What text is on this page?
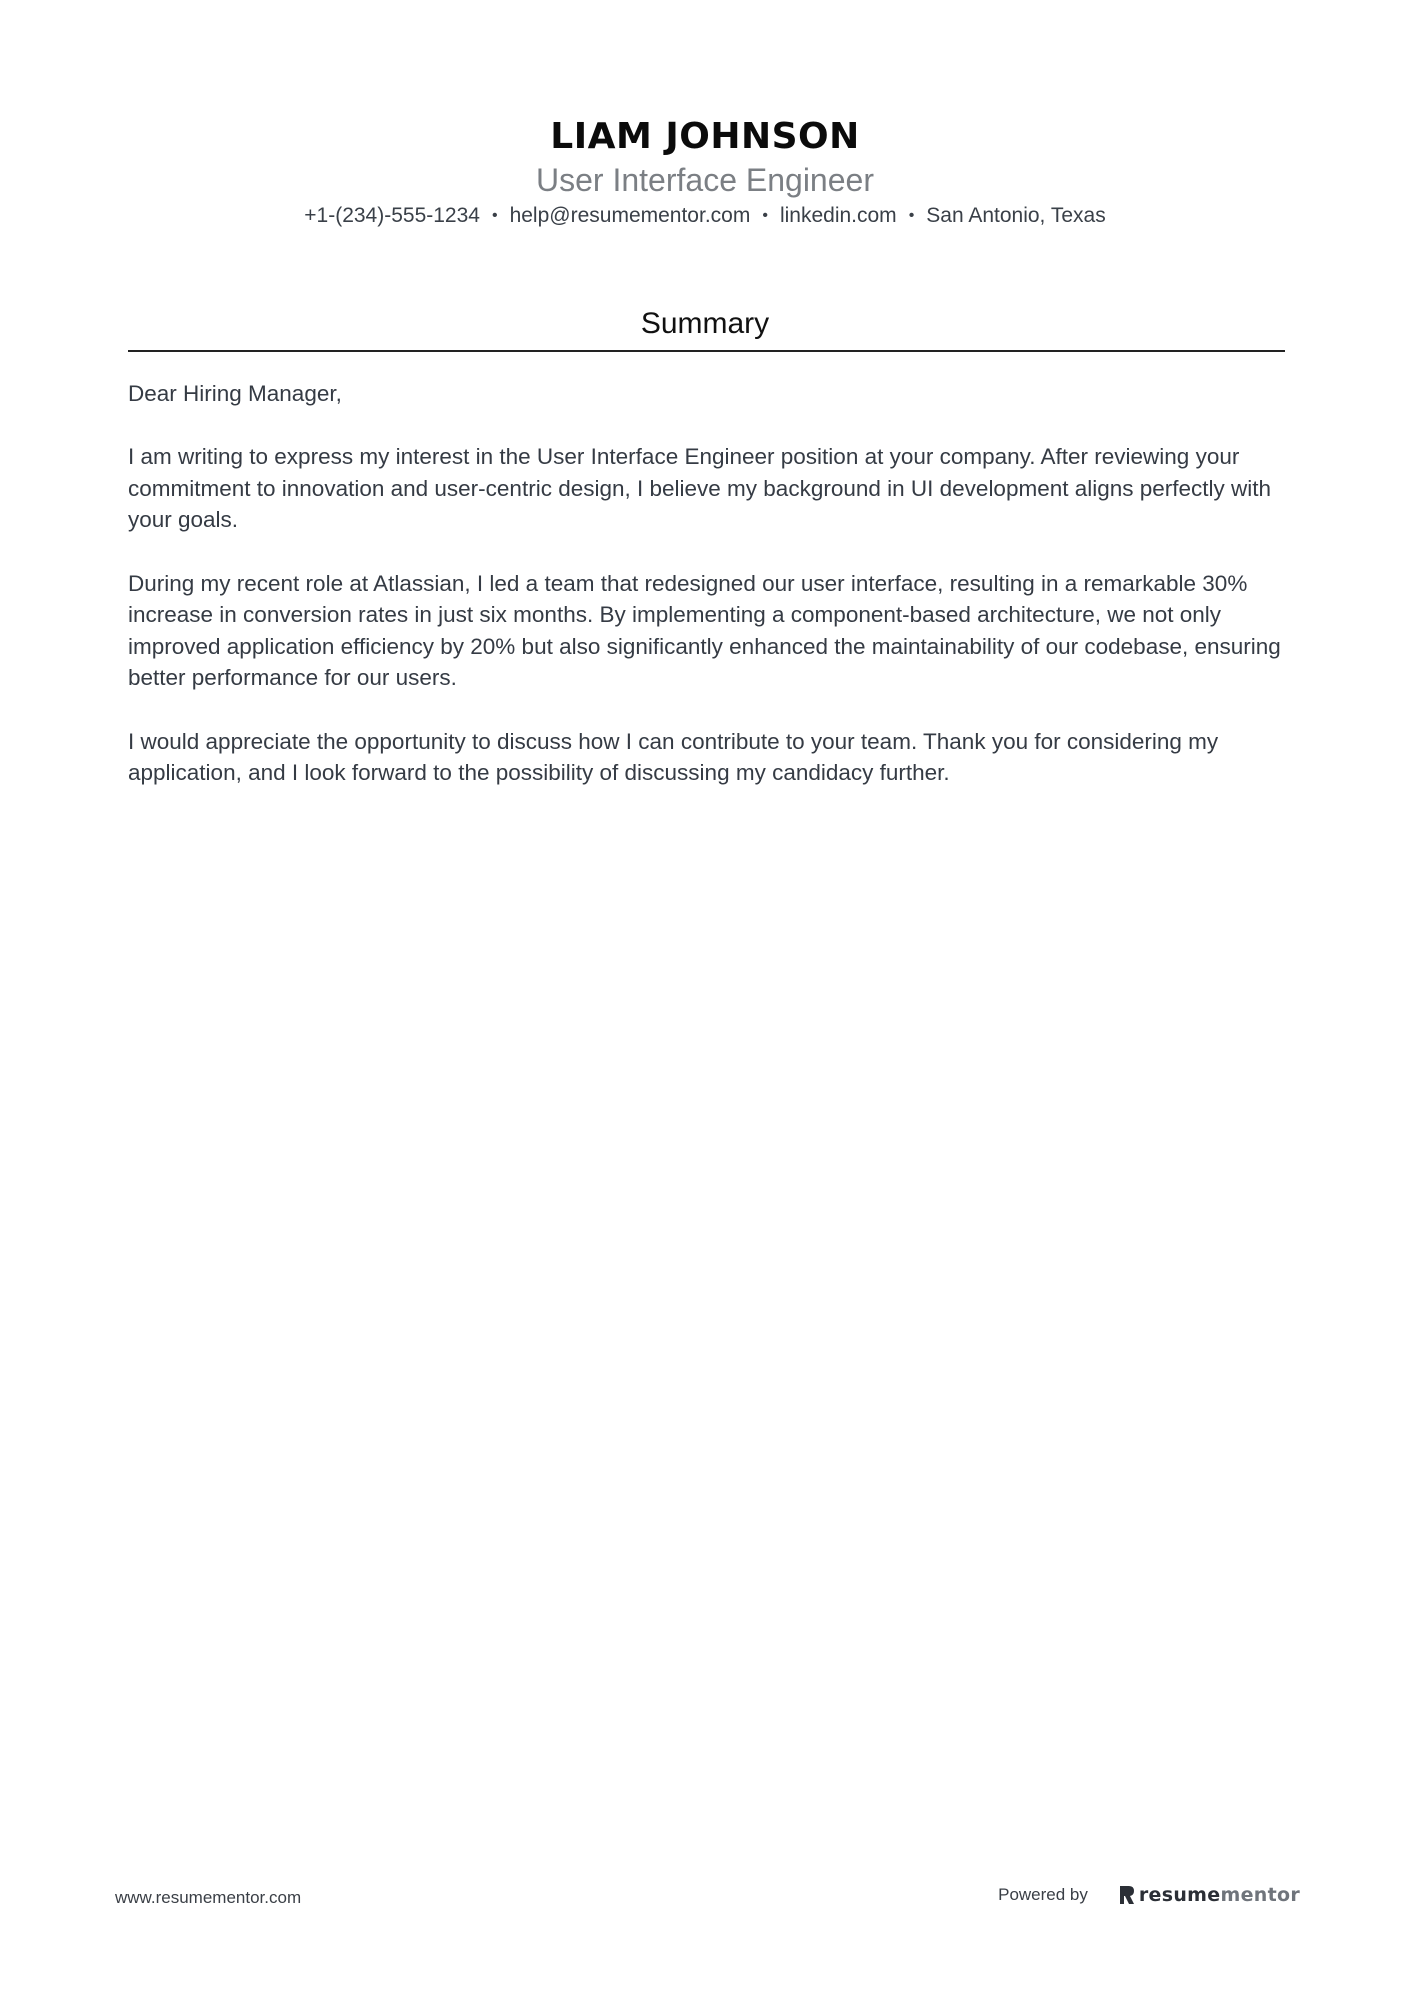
LIAM JOHNSON
User Interface Engineer
+1-(234)-555-1234 • help@resumementor.com • linkedin.com • San Antonio, Texas
Summary

Dear Hiring Manager,

I am writing to express my interest in the User Interface Engineer position at your company. After reviewing your commitment to innovation and user-centric design, I believe my background in UI development aligns perfectly with your goals.

During my recent role at Atlassian, I led a team that redesigned our user interface, resulting in a remarkable 30% increase in conversion rates in just six months. By implementing a component-based architecture, we not only improved application efficiency by 20% but also significantly enhanced the maintainability of our codebase, ensuring better performance for our users.

I would appreciate the opportunity to discuss how I can contribute to your team. Thank you for considering my application, and I look forward to the possibility of discussing my candidacy further.

www.resumementor.com	Powered by	resume mentor
